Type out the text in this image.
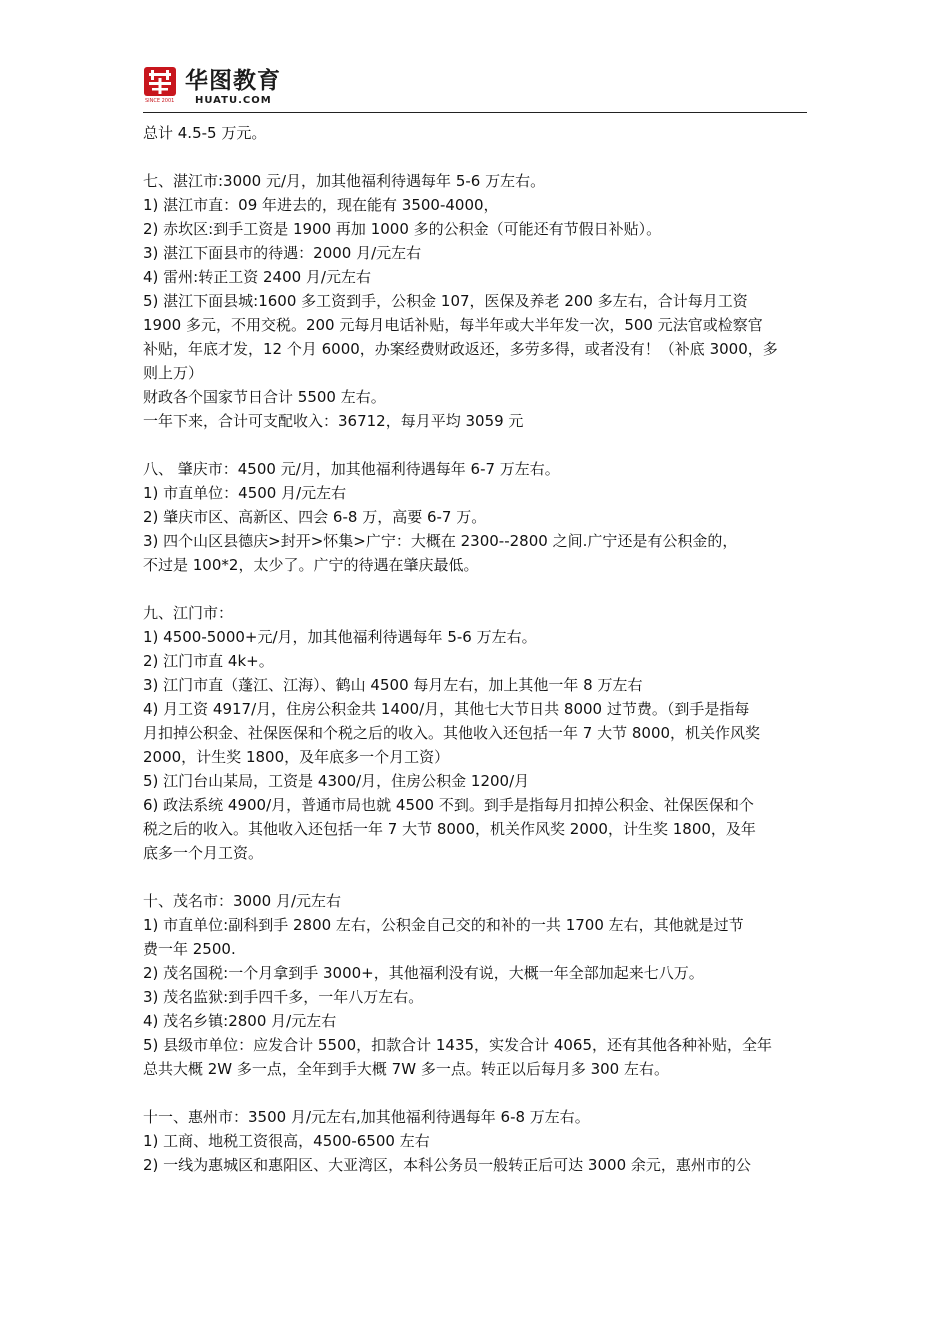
SINCE 2001
华图教育
HUATU.COM
总计 4.5-5 万元。
七、湛江市:3000 元/月，加其他福利待遇每年 5-6 万左右。
1) 湛江市直：09 年进去的，现在能有 3500-4000，
2) 赤坎区:到手工资是 1900 再加 1000 多的公积金（可能还有节假日补贴）。
3) 湛江下面县市的待遇：2000 月/元左右
4) 雷州:转正工资 2400 月/元左右
5) 湛江下面县城:1600 多工资到手，公积金 107，医保及养老 200 多左右，合计每月工资
1900 多元，不用交税。200 元每月电话补贴，每半年或大半年发一次，500 元法官或检察官
补贴，年底才发，12 个月 6000，办案经费财政返还，多劳多得，或者没有！（补底 3000，多
则上万）
财政各个国家节日合计 5500 左右。
一年下来，合计可支配收入：36712，每月平均 3059 元
八、 肇庆市：4500 元/月，加其他福利待遇每年 6-7 万左右。
1) 市直单位：4500 月/元左右
2) 肇庆市区、高新区、四会 6-8 万，高要 6-7 万。
3) 四个山区县德庆>封开>怀集>广宁：大概在 2300--2800 之间.广宁还是有公积金的，
不过是 100*2，太少了。广宁的待遇在肇庆最低。
九、江门市：
1) 4500-5000+元/月，加其他福利待遇每年 5-6 万左右。
2) 江门市直 4k+。
3) 江门市直（蓬江、江海）、鹤山 4500 每月左右，加上其他一年 8 万左右
4) 月工资 4917/月，住房公积金共 1400/月，其他七大节日共 8000 过节费。（到手是指每
月扣掉公积金、社保医保和个税之后的收入。其他收入还包括一年 7 大节 8000，机关作风奖
2000，计生奖 1800，及年底多一个月工资）
5) 江门台山某局，工资是 4300/月，住房公积金 1200/月
6) 政法系统 4900/月，普通市局也就 4500 不到。到手是指每月扣掉公积金、社保医保和个
税之后的收入。其他收入还包括一年 7 大节 8000，机关作风奖 2000，计生奖 1800，及年
底多一个月工资。
十、茂名市：3000 月/元左右
1) 市直单位:副科到手 2800 左右，公积金自己交的和补的一共 1700 左右，其他就是过节
费一年 2500.
2) 茂名国税:一个月拿到手 3000+，其他福利没有说，大概一年全部加起来七八万。
3) 茂名监狱:到手四千多，一年八万左右。
4) 茂名乡镇:2800 月/元左右
5) 县级市单位：应发合计 5500，扣款合计 1435，实发合计 4065，还有其他各种补贴，全年
总共大概 2W 多一点，全年到手大概 7W 多一点。转正以后每月多 300 左右。
十一、惠州市：3500 月/元左右,加其他福利待遇每年 6-8 万左右。
1) 工商、地税工资很高，4500-6500 左右
2) 一线为惠城区和惠阳区、大亚湾区，本科公务员一般转正后可达 3000 余元，惠州市的公
